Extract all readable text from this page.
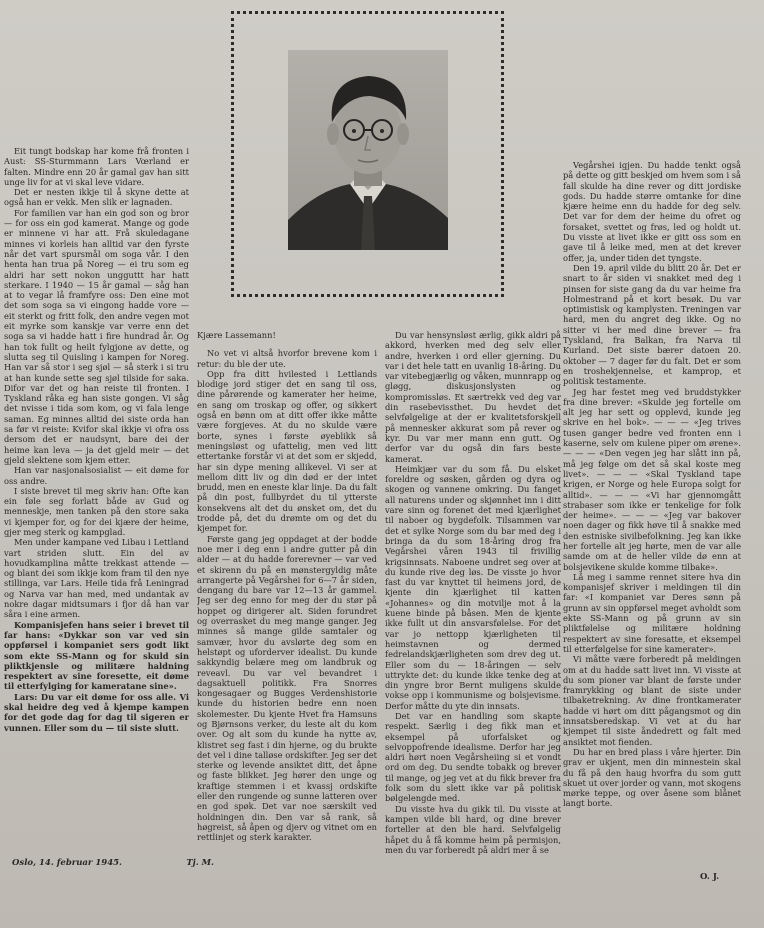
Eit tungt bodskap har kome frå fronten i Aust: SS-Sturmmann Lars Vœrland er falten. Mindre enn 20 år gamal gav han sitt unge liv for at vi skal leve vidare.

Det er nesten ikkje til å skyne dette at også han er vekk. Men slik er lagnaden.

For familien var han ein god son og bror — for oss ein god kamerat. Mange og gode er minnene vi har att. Frå skuledagane minnes vi korleis han alltid var den fyrste når det vart spursmål om soga vår. I den henta han trua på Noreg — ei tru som eg aldri har sett nokon ungguttt har hatt sterkare. I 1940 — 15 år gamal — såg han at to vegar lå framfyre oss: Den eine mot det som soga sa vi eingong hadde vore — eit sterkt og fritt folk, den andre vegen mot eit myrke som kanskje var verre enn det soga sa vi hadde hatt i fire hundrad år. Og han tok fullt og heilt fylgjone av dette, og slutta seg til Quisling i kampen for Noreg. Han var så stor i seg sjøl — så sterk i si tru at han kunde sette seg sjøl tilside for saka. Difor var det og han reiste til fronten. I Tyskland råka eg han siste gongen. Vi såg det nvisse i tida som kom, og vi fala lenge saman. Eg minnes alltid dei siste orda han sa før vi reiste: Kvifor skal ikkje vi ofra oss dersom det er naudsynt, bare dei der heime kan leva — ja det gjeld meir — det gjeld slektene som kjem etter.

Han var nasjonalsosialist — eit døme for oss andre.

I siste brevet til meg skriv han: Ofte kan ein føle seg forlatt både av Gud og menneskje, men tanken på den store saka vi kjemper for, og for dei kjære der heime, gjer meg sterk og kampglad.

Men under kampane ved Libau i Lettland vart striden slutt. Ein del av hovudkamplina måtte trekkast attende — og blant dei som ikkje kom fram til den nye stillinga, var Lars. Heile tida frå Leningrad og Narva var han med, med undantak av nokre dagar midtsumars i fjor då han var såra i eine armen.

Kompanisjefen hans seier i brevet til far hans: «Dykkar son var ved sin oppførsel i kompaniet sers godt likt som ekte SS-Mann og for skuld sin pliktkjensle og militære haldning respektert av sine foresette, eit døme til etterfylging for kameratane sine».

Lars: Du var eit døme for oss alle. Vi skal heidre deg ved å kjempe kampen for det gode dag for dag til sigeren er vunnen. Eller som du — til siste slutt.

Oslo, 14. februar 1945.	Tj. M.

Kjære Lassemann!

No vet vi altså hvorfor brevene kom i retur: du ble der ute.

Opp fra ditt hvilested i Lettlands blodige jord stiger det en sang til oss, dine pårørende og kamerater her heime, en sang om troskap og offer, og sikkert også en bønn om at ditt offer ikke måtte være forgjeves. At du no skulde være borte, synes i første øyeblikk så meningsløst og ufattelig, men ved litt ettertanke forstår vi at det som er skjedd, har sin dype mening allikevel. Vi ser at mellom ditt liv og din død er der intet brudd, men en eneste klar linje. Da du falt på din post, fullbyrdet du til ytterste konsekvens alt det du ønsket om, det du trodde på, det du drømte om og det du kjempet for.

Første gang jeg oppdaget at der bodde noe mer i deg enn i andre gutter på din alder — at du hadde forerevner — var ved et skirenn du på en mønstergyldig måte arrangerte på Vegårshei for 6—7 år siden, dengang du bare var 12—13 år gammel. Jeg ser deg enno for meg der du stør på hoppet og dirigerer alt. Siden forundret og overrasket du meg mange ganger. Jeg minnes så mange gilde samtaler og samvær, hvor du avslørte deg som en helstøpt og uforderver idealist. Du kunde sakkyndig belære meg om landbruk og reveavl. Du var vel bevandret i dagsaktuell politikk. Fra Snorres kongesagaer og Bugges Verdenshistorie kunde du historien bedre enn noen skolemester. Du kjente Hvet fra Hamsuns og Bjørnsons verker, du leste alt du kom over. Og alt som du kunde ha nytte av, klistret seg fast i din hjerne, og du brukte det vel i dine talløse ordskifter. Jeg ser det sterke og levende ansiktet ditt, det åpne og faste blikket. Jeg hører den unge og kraftige stemmen i et kvassj ordskifte eller den rungende og sunne latteren over en god spøk. Det var noe særskilt ved holdningen din. Den var så rank, så høgreist, så åpen og djerv og vitnet om en rettlinjet og sterk karakter.

Du var hensynsløst ærlig, gikk aldri på akkord, hverken med deg selv eller andre, hverken i ord eller gjerning. Du var i det hele tatt en uvanlig 18-åring. Du var vitebegjærlig og våken, munnrapp og gløgg, diskusjonslysten og kompromissløs. Et særtrekk ved deg var din rasebevissthet. Du hevdet det selvfølgelige at der er kvalitetsforskjell på mennesker akkurat som på rever og kyr. Du var mer mann enn gutt. Og derfor var du også din fars beste kamerat.

Heimkjær var du som få. Du elsket foreldre og søsken, gården og dyra og skogen og vannene omkring. Du fanget all naturens under og skjønnhet inn i ditt vare sinn og forenet det med kjærlighet til naboer og bygdefolk. Tilsammen var det et sylke Norge som du bar med deg i bringa da du som 18-åring drog fra Vegårshei våren 1943 til frivillig krigsinnsats. Naboene undret seg over at du kunde rive deg løs. De visste jo hvor fast du var knyttet til heimens jord, de kjente din kjærlighet til katten «Johannes» og din motvilje mot å la kuene binde på båsen. Men de kjente ikke fullt ut din ansvarsfølelse. For det var jo nettopp kjærligheten til heimstavnen og dermed fedrelandskjærligheten som drev deg ut. Eller som du — 18-åringen — selv uttrykte det: du kunde ikke tenke deg at din yngre bror Bernt muligens skulde vokse opp i kommunisme og bolsjevisme. Derfor måtte du yte din innsats.

Det var en handling som skapte respekt. Særlig i deg fikk man et eksempel på uforfalsket og selvoppofrende idealisme. Derfor har jeg aldri hørt noen Vegårsheiing si et vondt ord om deg. Du sendte tobakk og brever til mange, og jeg vet at du fikk brever fra folk som du slett ikke var på politisk bølgelengde med.

Du visste hva du gikk til. Du visste at kampen vilde bli hard, og dine brever forteller at den ble hard. Selvfølgelig håpet du å få komme heim på permisjon, men du var forberedt på aldri mer å se

Vegårshei igjen. Du hadde tenkt også på dette og gitt beskjed om hvem som i så fall skulde ha dine rever og ditt jordiske gods. Du hadde større omtanke for dine kjære heime enn du hadde for deg selv. Det var for dem der heime du ofret og forsaket, svettet og frøs, led og holdt ut. Du visste at livet ikke er gitt oss som en gave til å leike med, men at det krever offer, ja, under tiden det tyngste.

Den 19. april vilde du blitt 20 år. Det er snart to år siden vi snakket med deg i pinsen for siste gang da du var heime fra Holmestrand på et kort besøk. Du var optimistisk og kamplysten. Treningen var hard, men du angret deg ikke. Og no sitter vi her med dine brever — fra Tyskland, fra Balkan, fra Narva til Kurland. Det siste bærer datoen 20. oktober — 7 dager før du falt. Det er som en troshekjennelse, et kamprop, et politisk testamente.

Jeg har festet meg ved bruddstykker fra dine brever: «Skulde jeg fortelle om alt jeg har sett og opplevd, kunde jeg skrive en hel bok». — — — «Jeg trives tusen ganger bedre ved fronten enn i kaserne, selv om kulene piper om ørene». — — — «Den vegen jeg har slått inn på, må jeg følge om det så skal koste meg livet». — — — «Skal Tyskland tape krigen, er Norge og hele Europa solgt for alltid». — — — «Vi har gjennomgått strabaser som ikke er tenkelige for folk der heime». — — — «Jeg var bakover noen dager og fikk høve til å snakke med den estniske sivilbefolkning. Jeg kan ikke her fortelle alt jeg hørte, men de var alle samde om at de heller vilde dø enn at bolsjevikene skulde komme tilbake».

Lå meg i samme rennet sitere hva din kompanisjef skriver i meldingen til din far: «I kompaniet var Deres sønn på grunn av sin oppførsel meget avholdt som ekte SS-Mann og på grunn av sin pliktfølelse og militære holdning respektert av sine foresatte, et eksempel til etterfølgelse for sine kamerater».

Vi måtte være forberedt på meldingen om at du hadde satt livet inn. Vi visste at du som pioner var blant de første under framrykking og blant de siste under tilbaketrekning. Av dine frontkamerater hadde vi hørt om ditt pågangsmot og din innsatsberedskap. Vi vet at du har kjempet til siste åndedrett og falt med ansiktet mot fienden.

Du har en bred plass i våre hjerter. Din grav er ukjent, men din minnestein skal du få på den haug hvorfra du som gutt skuet ut over jorder og vann, mot skogens mørke teppe, og over åsene som blånet langt borte.

O. J.
